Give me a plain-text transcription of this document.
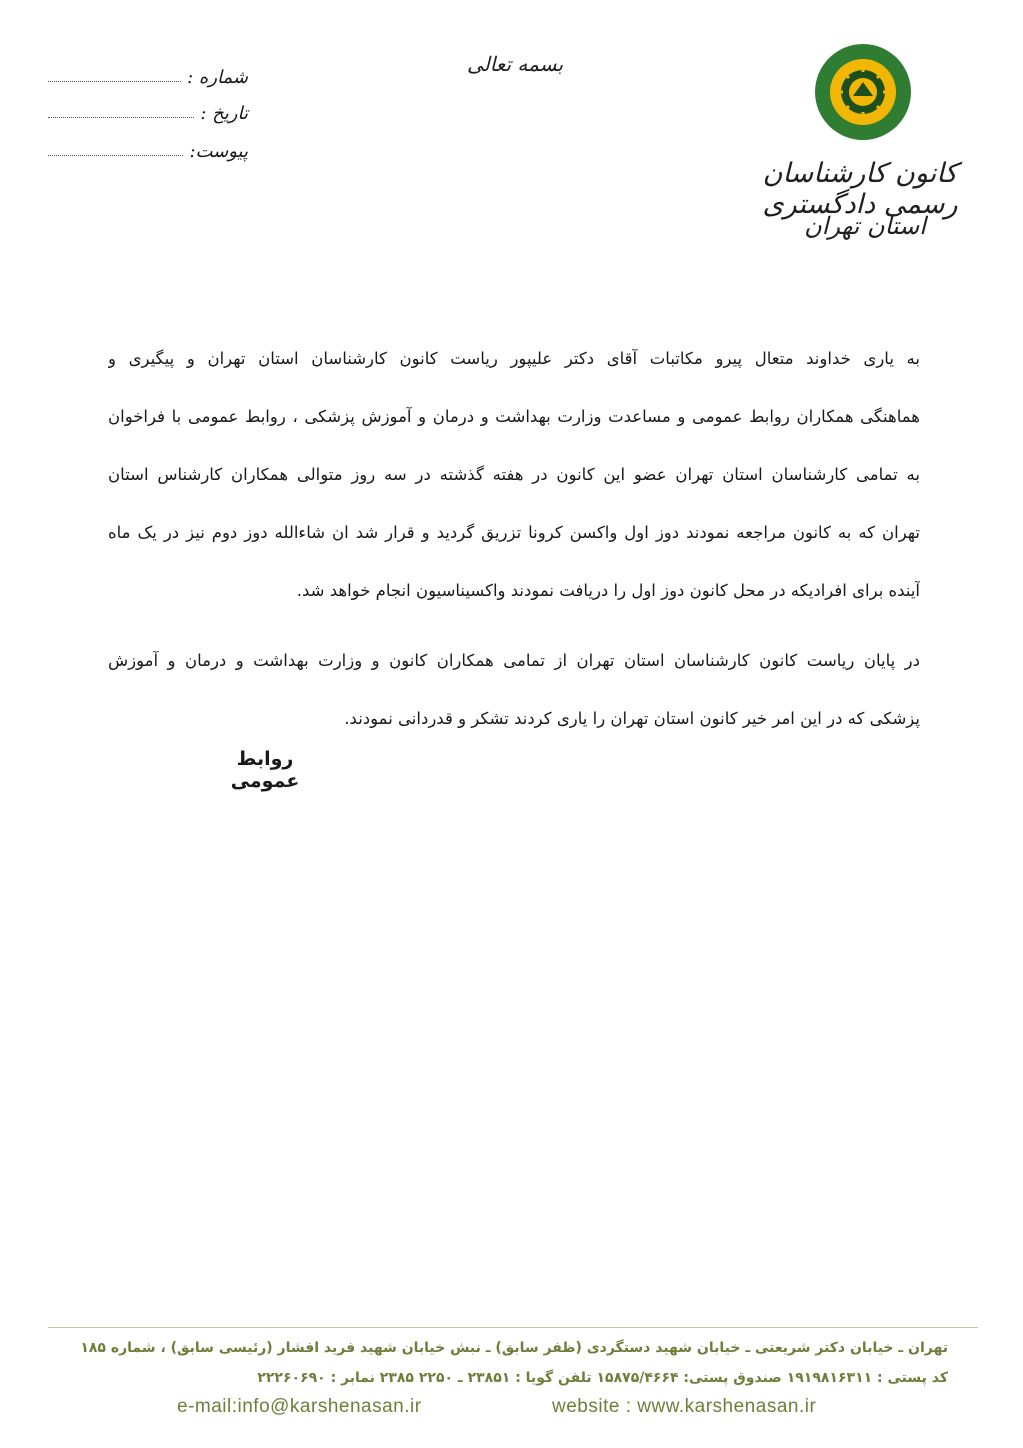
کانون کارشناسان رسمی دادگستری
استان تهران
بسمه تعالی
شماره :
تاریخ :
پیوست:
به یاری خداوند متعال پیرو مکاتبات آقای دکتر علیپور ریاست کانون کارشناسان استان تهران و پیگیری و
هماهنگی همکاران روابط عمومی و مساعدت وزارت بهداشت و درمان و آموزش پزشکی ، روابط عمومی با فراخوان
به تمامی کارشناسان استان تهران عضو این کانون در هفته گذشته در سه روز متوالی همکاران کارشناس استان
تهران که به کانون مراجعه نمودند دوز اول واکسن کرونا تزریق گردید و قرار شد ان شاءالله دوز دوم نیز در یک ماه
آینده برای افرادیکه در محل کانون دوز اول را دریافت نمودند واکسیناسیون انجام خواهد شد.
در پایان ریاست کانون کارشناسان استان تهران از تمامی همکاران کانون و وزارت بهداشت و درمان و آموزش
پزشکی که در این امر خیر کانون استان تهران را یاری کردند تشکر و قدردانی نمودند.
روابط عمومی
تهران ـ خیابان دکتر شریعتی ـ خیابان شهید دستگردی (ظفر سابق) ـ نبش خیابان شهید فرید افشار (رئیسی سابق) ، شماره ۱۸۵
کد پستی : ۱۹۱۹۸۱۶۳۱۱ صندوق پستی: ۱۵۸۷۵/۴۶۶۴ تلفن گویا : ۲۳۸۵۱ ـ ۲۲۵۰ ۲۳۸۵ نمابر : ۲۲۲۶۰۶۹۰
e-mail:info@karshenasan.ir	website : www.karshenasan.ir
